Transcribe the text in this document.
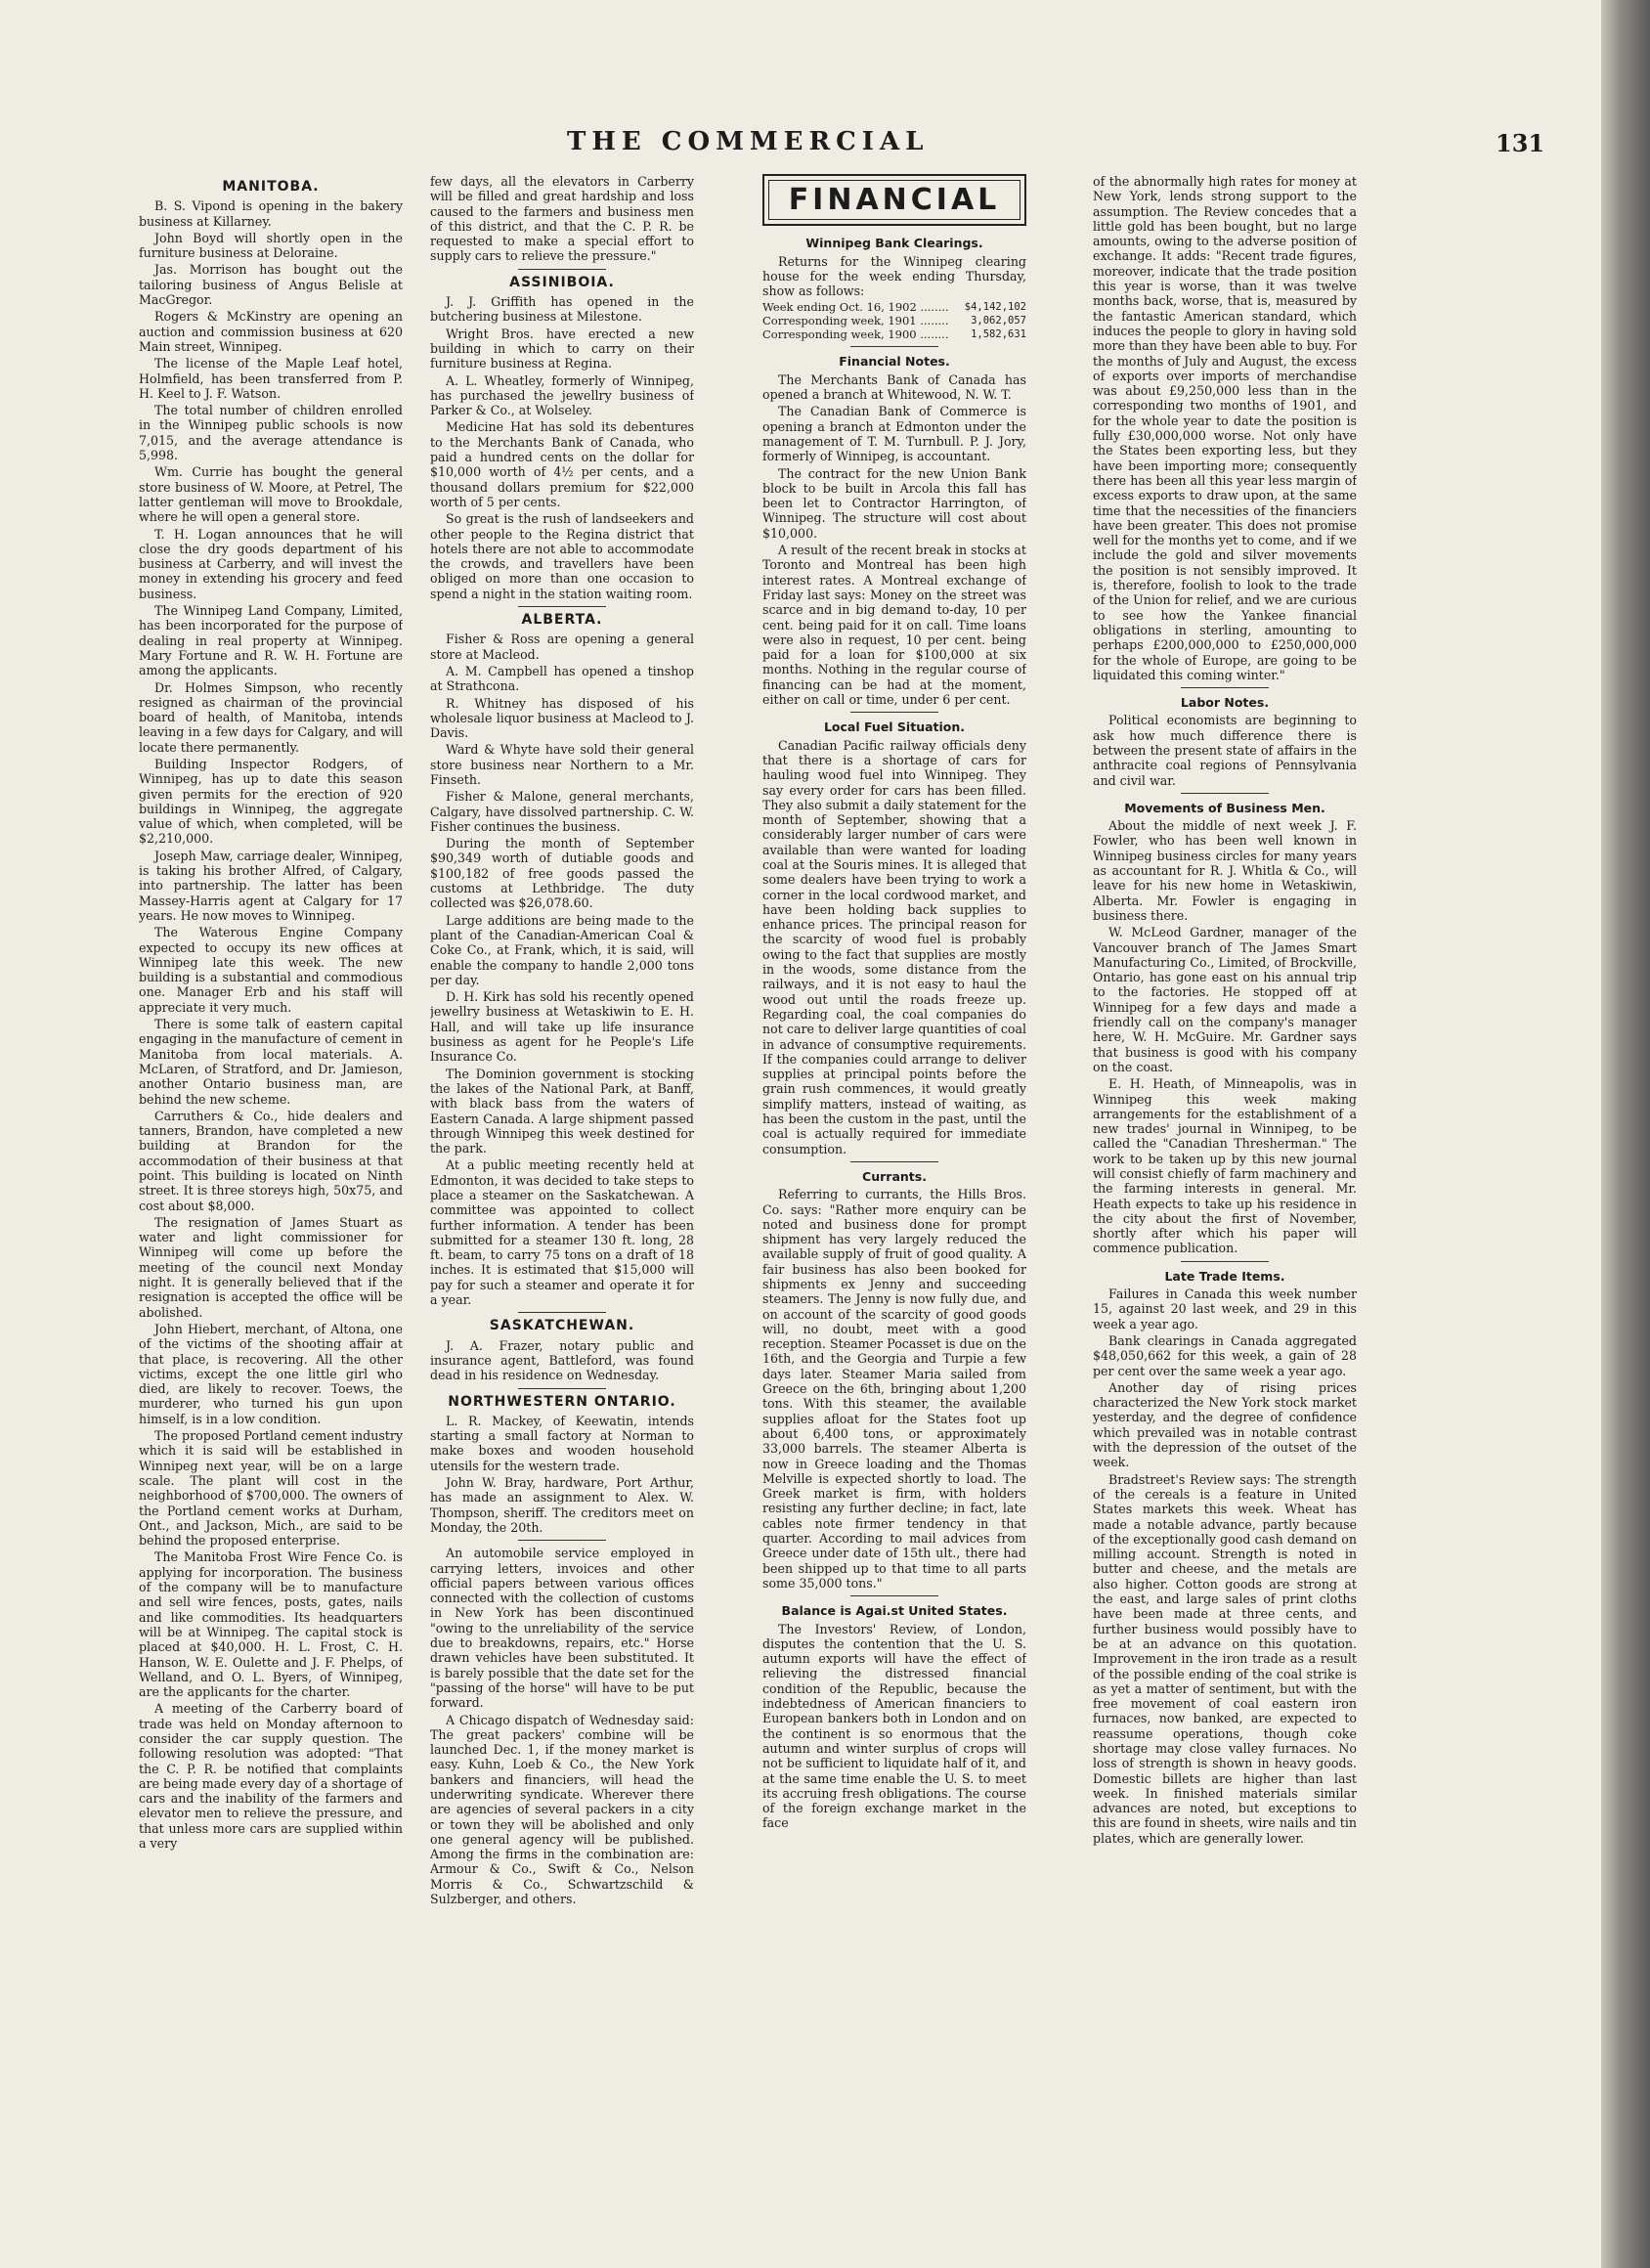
THE COMMERCIAL	131
MANITOBA.

B. S. Vipond is opening in the bakery business at Killarney.

John Boyd will shortly open in the furniture business at Deloraine.

Jas. Morrison has bought out the tailoring business of Angus Belisle at MacGregor.

Rogers & McKinstry are opening an auction and commission business at 620 Main street, Winnipeg.

The license of the Maple Leaf hotel, Holmfield, has been transferred from P. H. Keel to J. F. Watson.

The total number of children enrolled in the Winnipeg public schools is now 7,015, and the average attendance is 5,998.

Wm. Currie has bought the general store business of W. Moore, at Petrel, The latter gentleman will move to Brookdale, where he will open a general store.

T. H. Logan announces that he will close the dry goods department of his business at Carberry, and will invest the money in extending his grocery and feed business.

The Winnipeg Land Company, Limited, has been incorporated for the purpose of dealing in real property at Winnipeg. Mary Fortune and R. W. H. Fortune are among the applicants.

Dr. Holmes Simpson, who recently resigned as chairman of the provincial board of health, of Manitoba, intends leaving in a few days for Calgary, and will locate there permanently.

Building Inspector Rodgers, of Winnipeg, has up to date this season given permits for the erection of 920 buildings in Winnipeg, the aggregate value of which, when completed, will be $2,210,000.

Joseph Maw, carriage dealer, Winnipeg, is taking his brother Alfred, of Calgary, into partnership. The latter has been Massey-Harris agent at Calgary for 17 years. He now moves to Winnipeg.

The Waterous Engine Company expected to occupy its new offices at Winnipeg late this week. The new building is a substantial and commodious one. Manager Erb and his staff will appreciate it very much.

There is some talk of eastern capital engaging in the manufacture of cement in Manitoba from local materials. A. McLaren, of Stratford, and Dr. Jamieson, another Ontario business man, are behind the new scheme.

Carruthers & Co., hide dealers and tanners, Brandon, have completed a new building at Brandon for the accommodation of their business at that point. This building is located on Ninth street. It is three storeys high, 50x75, and cost about $8,000.

The resignation of James Stuart as water and light commissioner for Winnipeg will come up before the meeting of the council next Monday night. It is generally believed that if the resignation is accepted the office will be abolished.

John Hiebert, merchant, of Altona, one of the victims of the shooting affair at that place, is recovering. All the other victims, except the one little girl who died, are likely to recover. Toews, the murderer, who turned his gun upon himself, is in a low condition.

The proposed Portland cement industry which it is said will be established in Winnipeg next year, will be on a large scale. The plant will cost in the neighborhood of $700,000. The owners of the Portland cement works at Durham, Ont., and Jackson, Mich., are said to be behind the proposed enterprise.

The Manitoba Frost Wire Fence Co. is applying for incorporation. The business of the company will be to manufacture and sell wire fences, posts, gates, nails and like commodities. Its headquarters will be at Winnipeg. The capital stock is placed at $40,000. H. L. Frost, C. H. Hanson, W. E. Oulette and J. F. Phelps, of Welland, and O. L. Byers, of Winnipeg, are the applicants for the charter.

A meeting of the Carberry board of trade was held on Monday afternoon to consider the car supply question. The following resolution was adopted: "That the C. P. R. be notified that complaints are being made every day of a shortage of cars and the inability of the farmers and elevator men to relieve the pressure, and that unless more cars are supplied within a very

few days, all the elevators in Carberry will be filled and great hardship and loss caused to the farmers and business men of this district, and that the C. P. R. be requested to make a special effort to supply cars to relieve the pressure."

ASSINIBOIA.

J. J. Griffith has opened in the butchering business at Milestone.

Wright Bros. have erected a new building in which to carry on their furniture business at Regina.

A. L. Wheatley, formerly of Winnipeg, has purchased the jewellry business of Parker & Co., at Wolseley.

Medicine Hat has sold its debentures to the Merchants Bank of Canada, who paid a hundred cents on the dollar for $10,000 worth of 4½ per cents, and a thousand dollars premium for $22,000 worth of 5 per cents.

So great is the rush of landseekers and other people to the Regina district that hotels there are not able to accommodate the crowds, and travellers have been obliged on more than one occasion to spend a night in the station waiting room.

ALBERTA.

Fisher & Ross are opening a general store at Macleod.

A. M. Campbell has opened a tinshop at Strathcona.

R. Whitney has disposed of his wholesale liquor business at Macleod to J. Davis.

Ward & Whyte have sold their general store business near Northern to a Mr. Finseth.

Fisher & Malone, general merchants, Calgary, have dissolved partnership. C. W. Fisher continues the business.

During the month of September $90,349 worth of dutiable goods and $100,182 of free goods passed the customs at Lethbridge. The duty collected was $26,078.60.

Large additions are being made to the plant of the Canadian-American Coal & Coke Co., at Frank, which, it is said, will enable the company to handle 2,000 tons per day.

D. H. Kirk has sold his recently opened jewellry business at Wetaskiwin to E. H. Hall, and will take up life insurance business as agent for he People's Life Insurance Co.

The Dominion government is stocking the lakes of the National Park, at Banff, with black bass from the waters of Eastern Canada. A large shipment passed through Winnipeg this week destined for the park.

At a public meeting recently held at Edmonton, it was decided to take steps to place a steamer on the Saskatchewan. A committee was appointed to collect further information. A tender has been submitted for a steamer 130 ft. long, 28 ft. beam, to carry 75 tons on a draft of 18 inches. It is estimated that $15,000 will pay for such a steamer and operate it for a year.

SASKATCHEWAN.

J. A. Frazer, notary public and insurance agent, Battleford, was found dead in his residence on Wednesday.

NORTHWESTERN ONTARIO.

L. R. Mackey, of Keewatin, intends starting a small factory at Norman to make boxes and wooden household utensils for the western trade.

John W. Bray, hardware, Port Arthur, has made an assignment to Alex. W. Thompson, sheriff. The creditors meet on Monday, the 20th.

An automobile service employed in carrying letters, invoices and other official papers between various offices connected with the collection of customs in New York has been discontinued "owing to the unreliability of the service due to breakdowns, repairs, etc." Horse drawn vehicles have been substituted. It is barely possible that the date set for the "passing of the horse" will have to be put forward.

A Chicago dispatch of Wednesday said: The great packers' combine will be launched Dec. 1, if the money market is easy. Kuhn, Loeb & Co., the New York bankers and financiers, will head the underwriting syndicate. Wherever there are agencies of several packers in a city or town they will be abolished and only one general agency will be published. Among the firms in the combination are: Armour & Co., Swift & Co., Nelson Morris & Co., Schwartzschild & Sulzberger, and others.

FINANCIAL
Winnipeg Bank Clearings.

Returns for the Winnipeg clearing house for the week ending Thursday, show as follows:

Week ending Oct. 16, 1902 ........ $4,142,102
Corresponding week, 1901 ........ 3,062,057
Corresponding week, 1900 ........ 1,582,631
Financial Notes.

The Merchants Bank of Canada has opened a branch at Whitewood, N. W. T.

The Canadian Bank of Commerce is opening a branch at Edmonton under the management of T. M. Turnbull. P. J. Jory, formerly of Winnipeg, is accountant.

The contract for the new Union Bank block to be built in Arcola this fall has been let to Contractor Harrington, of Winnipeg. The structure will cost about $10,000.

A result of the recent break in stocks at Toronto and Montreal has been high interest rates. A Montreal exchange of Friday last says: Money on the street was scarce and in big demand to-day, 10 per cent. being paid for it on call. Time loans were also in request, 10 per cent. being paid for a loan for $100,000 at six months. Nothing in the regular course of financing can be had at the moment, either on call or time, under 6 per cent.

Local Fuel Situation.

Canadian Pacific railway officials deny that there is a shortage of cars for hauling wood fuel into Winnipeg. They say every order for cars has been filled. They also submit a daily statement for the month of September, showing that a considerably larger number of cars were available than were wanted for loading coal at the Souris mines. It is alleged that some dealers have been trying to work a corner in the local cordwood market, and have been holding back supplies to enhance prices. The principal reason for the scarcity of wood fuel is probably owing to the fact that supplies are mostly in the woods, some distance from the railways, and it is not easy to haul the wood out until the roads freeze up. Regarding coal, the coal companies do not care to deliver large quantities of coal in advance of consumptive requirements. If the companies could arrange to deliver supplies at principal points before the grain rush commences, it would greatly simplify matters, instead of waiting, as has been the custom in the past, until the coal is actually required for immediate consumption.

Currants.

Referring to currants, the Hills Bros. Co. says: "Rather more enquiry can be noted and business done for prompt shipment has very largely reduced the available supply of fruit of good quality. A fair business has also been booked for shipments ex Jenny and succeeding steamers. The Jenny is now fully due, and on account of the scarcity of good goods will, no doubt, meet with a good reception. Steamer Pocasset is due on the 16th, and the Georgia and Turpie a few days later. Steamer Maria sailed from Greece on the 6th, bringing about 1,200 tons. With this steamer, the available supplies afloat for the States foot up about 6,400 tons, or approximately 33,000 barrels. The steamer Alberta is now in Greece loading and the Thomas Melville is expected shortly to load. The Greek market is firm, with holders resisting any further decline; in fact, late cables note firmer tendency in that quarter. According to mail advices from Greece under date of 15th ult., there had been shipped up to that time to all parts some 35,000 tons."

Balance is Agai.st United States.

The Investors' Review, of London, disputes the contention that the U. S. autumn exports will have the effect of relieving the distressed financial condition of the Republic, because the indebtedness of American financiers to European bankers both in London and on the continent is so enormous that the autumn and winter surplus of crops will not be sufficient to liquidate half of it, and at the same time enable the U. S. to meet its accruing fresh obligations. The course of the foreign exchange market in the face

of the abnormally high rates for money at New York, lends strong support to the assumption. The Review concedes that a little gold has been bought, but no large amounts, owing to the adverse position of exchange. It adds: "Recent trade figures, moreover, indicate that the trade position this year is worse, than it was twelve months back, worse, that is, measured by the fantastic American standard, which induces the people to glory in having sold more than they have been able to buy. For the months of July and August, the excess of exports over imports of merchandise was about £9,250,000 less than in the corresponding two months of 1901, and for the whole year to date the position is fully £30,000,000 worse. Not only have the States been exporting less, but they have been importing more; consequently there has been all this year less margin of excess exports to draw upon, at the same time that the necessities of the financiers have been greater. This does not promise well for the months yet to come, and if we include the gold and silver movements the position is not sensibly improved. It is, therefore, foolish to look to the trade of the Union for relief, and we are curious to see how the Yankee financial obligations in sterling, amounting to perhaps £200,000,000 to £250,000,000 for the whole of Europe, are going to be liquidated this coming winter."

Labor Notes.

Political economists are beginning to ask how much difference there is between the present state of affairs in the anthracite coal regions of Pennsylvania and civil war.

Movements of Business Men.

About the middle of next week J. F. Fowler, who has been well known in Winnipeg business circles for many years as accountant for R. J. Whitla & Co., will leave for his new home in Wetaskiwin, Alberta. Mr. Fowler is engaging in business there.

W. McLeod Gardner, manager of the Vancouver branch of The James Smart Manufacturing Co., Limited, of Brockville, Ontario, has gone east on his annual trip to the factories. He stopped off at Winnipeg for a few days and made a friendly call on the company's manager here, W. H. McGuire. Mr. Gardner says that business is good with his company on the coast.

E. H. Heath, of Minneapolis, was in Winnipeg this week making arrangements for the establishment of a new trades' journal in Winnipeg, to be called the "Canadian Thresherman." The work to be taken up by this new journal will consist chiefly of farm machinery and the farming interests in general. Mr. Heath expects to take up his residence in the city about the first of November, shortly after which his paper will commence publication.

Late Trade Items.

Failures in Canada this week number 15, against 20 last week, and 29 in this week a year ago.

Bank clearings in Canada aggregated $48,050,662 for this week, a gain of 28 per cent over the same week a year ago.

Another day of rising prices characterized the New York stock market yesterday, and the degree of confidence which prevailed was in notable contrast with the depression of the outset of the week.

Bradstreet's Review says: The strength of the cereals is a feature in United States markets this week. Wheat has made a notable advance, partly because of the exceptionally good cash demand on milling account. Strength is noted in butter and cheese, and the metals are also higher. Cotton goods are strong at the east, and large sales of print cloths have been made at three cents, and further business would possibly have to be at an advance on this quotation. Improvement in the iron trade as a result of the possible ending of the coal strike is as yet a matter of sentiment, but with the free movement of coal eastern iron furnaces, now banked, are expected to reassume operations, though coke shortage may close valley furnaces. No loss of strength is shown in heavy goods. Domestic billets are higher than last week. In finished materials similar advances are noted, but exceptions to this are found in sheets, wire nails and tin plates, which are generally lower.
